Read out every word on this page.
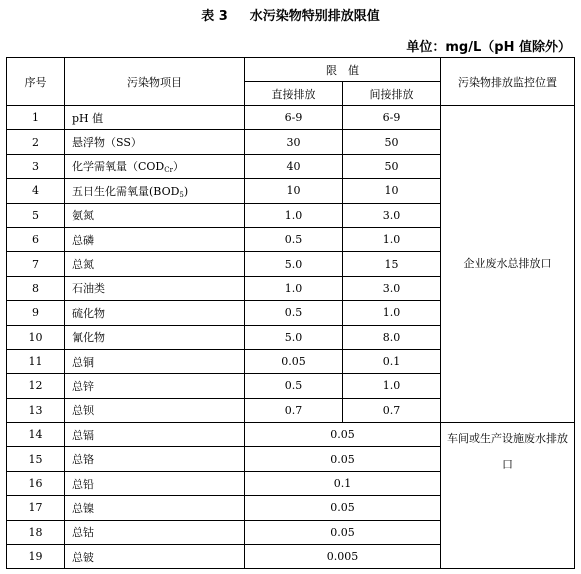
表 3 水污染物特别排放限值
单位：mg/L（pH 值除外）
序号	污染物项目	限　值		污染物排放监控位置
		直接排放	间接排放	
1	pH 值	6-9	6-9	企业废水总排放口
2	悬浮物（SS）	30	50	
3	化学需氧量$(COD_{Cr})$	40	50	
4	五日生化需氧量$(BOD_5)$	10	10	
5	氨氮	1.0	3.0	
6	总磷	0.5	1.0	
7	总氮	5.0	15	
8	石油类	1.0	3.0	
9	硫化物	0.5	1.0	
10	氰化物	5.0	8.0	
11	总铜	0.05	0.1	
12	总锌	0.5	1.0	
13	总钡	0.7	0.7	
14	总镉	0.05		车间或生产设施废水排放口
15	总铬	0.05		
16	总铅	0.1		
17	总镍	0.05		
18	总钴	0.05		
19	总铍	0.005		
